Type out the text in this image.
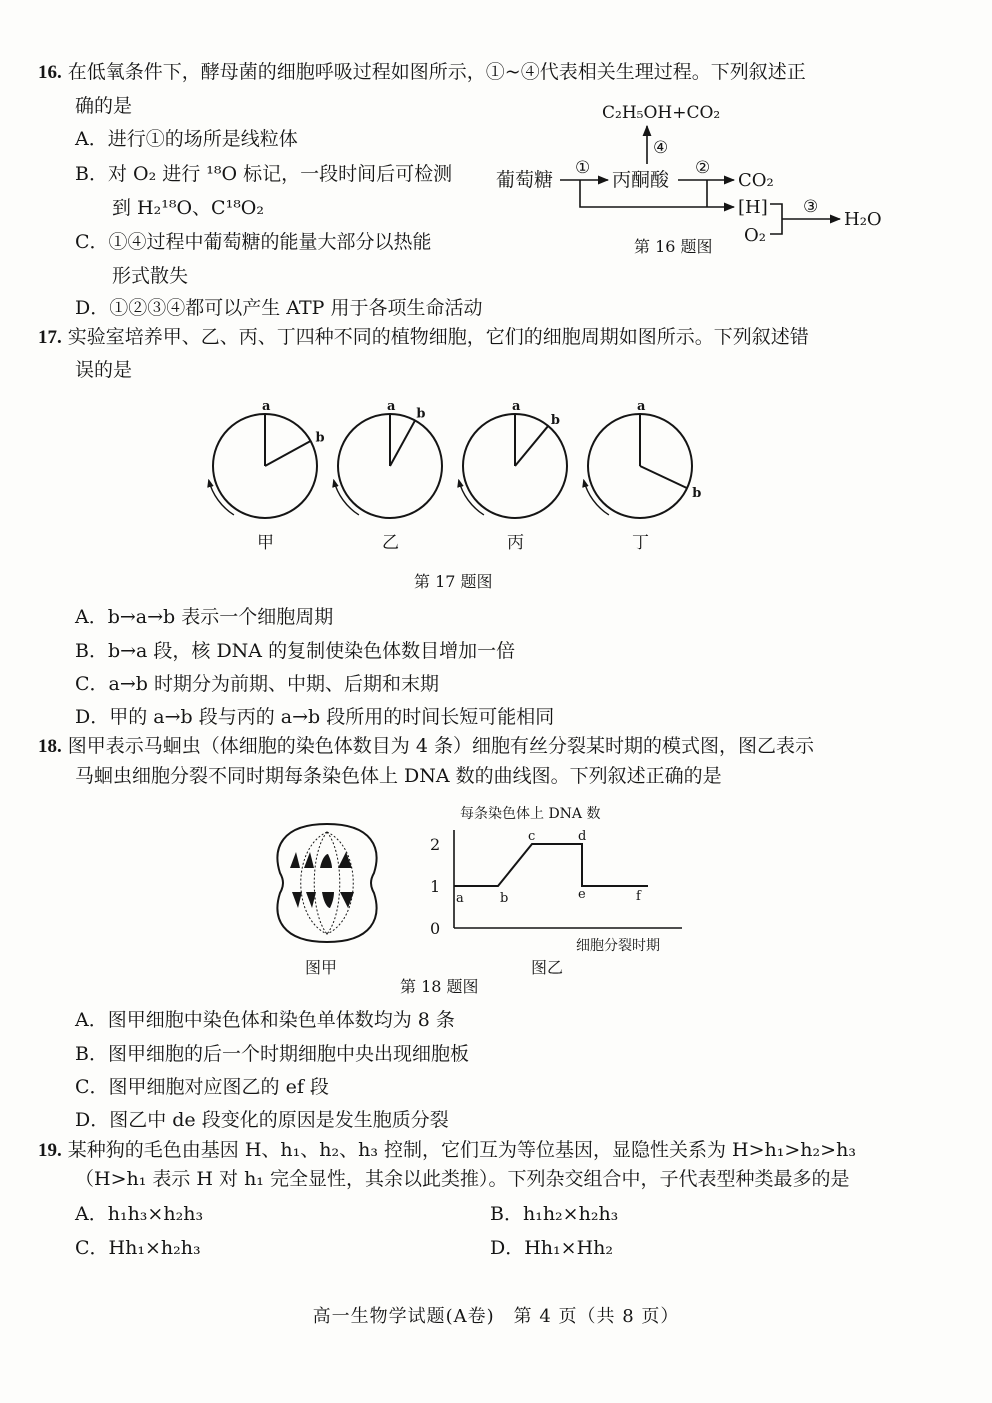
16. 在低氧条件下，酵母菌的细胞呼吸过程如图所示，①~④代表相关生理过程。下列叙述正
确的是
A．进行①的场所是线粒体
B．对 O₂ 进行 ¹⁸O 标记，一段时间后可检测
到 H₂¹⁸O、C¹⁸O₂
C．①④过程中葡萄糖的能量大部分以热能
形式散失
D．①②③④都可以产生 ATP 用于各项生命活动
C₂H₅OH+CO₂
④
葡萄糖
①
丙酮酸
②
CO₂
[H]
O₂
③
H₂O
第 16 题图
17. 实验室培养甲、乙、丙、丁四种不同的植物细胞，它们的细胞周期如图所示。下列叙述错
误的是
a
b
甲
a
b
乙
a
b
丙
a
b
丁
第 17 题图
A．b→a→b 表示一个细胞周期
B．b→a 段，核 DNA 的复制使染色体数目增加一倍
C．a→b 时期分为前期、中期、后期和末期
D．甲的 a→b 段与丙的 a→b 段所用的时间长短可能相同
18. 图甲表示马蛔虫（体细胞的染色体数目为 4 条）细胞有丝分裂某时期的模式图，图乙表示
马蛔虫细胞分裂不同时期每条染色体上 DNA 数的曲线图。下列叙述正确的是
图甲
每条染色体上 DNA 数
0
1
2
细胞分裂时期
a	b
c	d
e	f
图乙
第 18 题图
A．图甲细胞中染色体和染色单体数均为 8 条
B．图甲细胞的后一个时期细胞中央出现细胞板
C．图甲细胞对应图乙的 ef 段
D．图乙中 de 段变化的原因是发生胞质分裂
19. 某种狗的毛色由基因 H、h₁、h₂、h₃ 控制，它们互为等位基因，显隐性关系为 H>h₁>h₂>h₃
（H>h₁ 表示 H 对 h₁ 完全显性，其余以此类推）。下列杂交组合中，子代表型种类最多的是
A．h₁h₃×h₂h₃	B．h₁h₂×h₂h₃
C．Hh₁×h₂h₃	D．Hh₁×Hh₂
高一生物学试题(A卷)　第 4 页（共 8 页）
